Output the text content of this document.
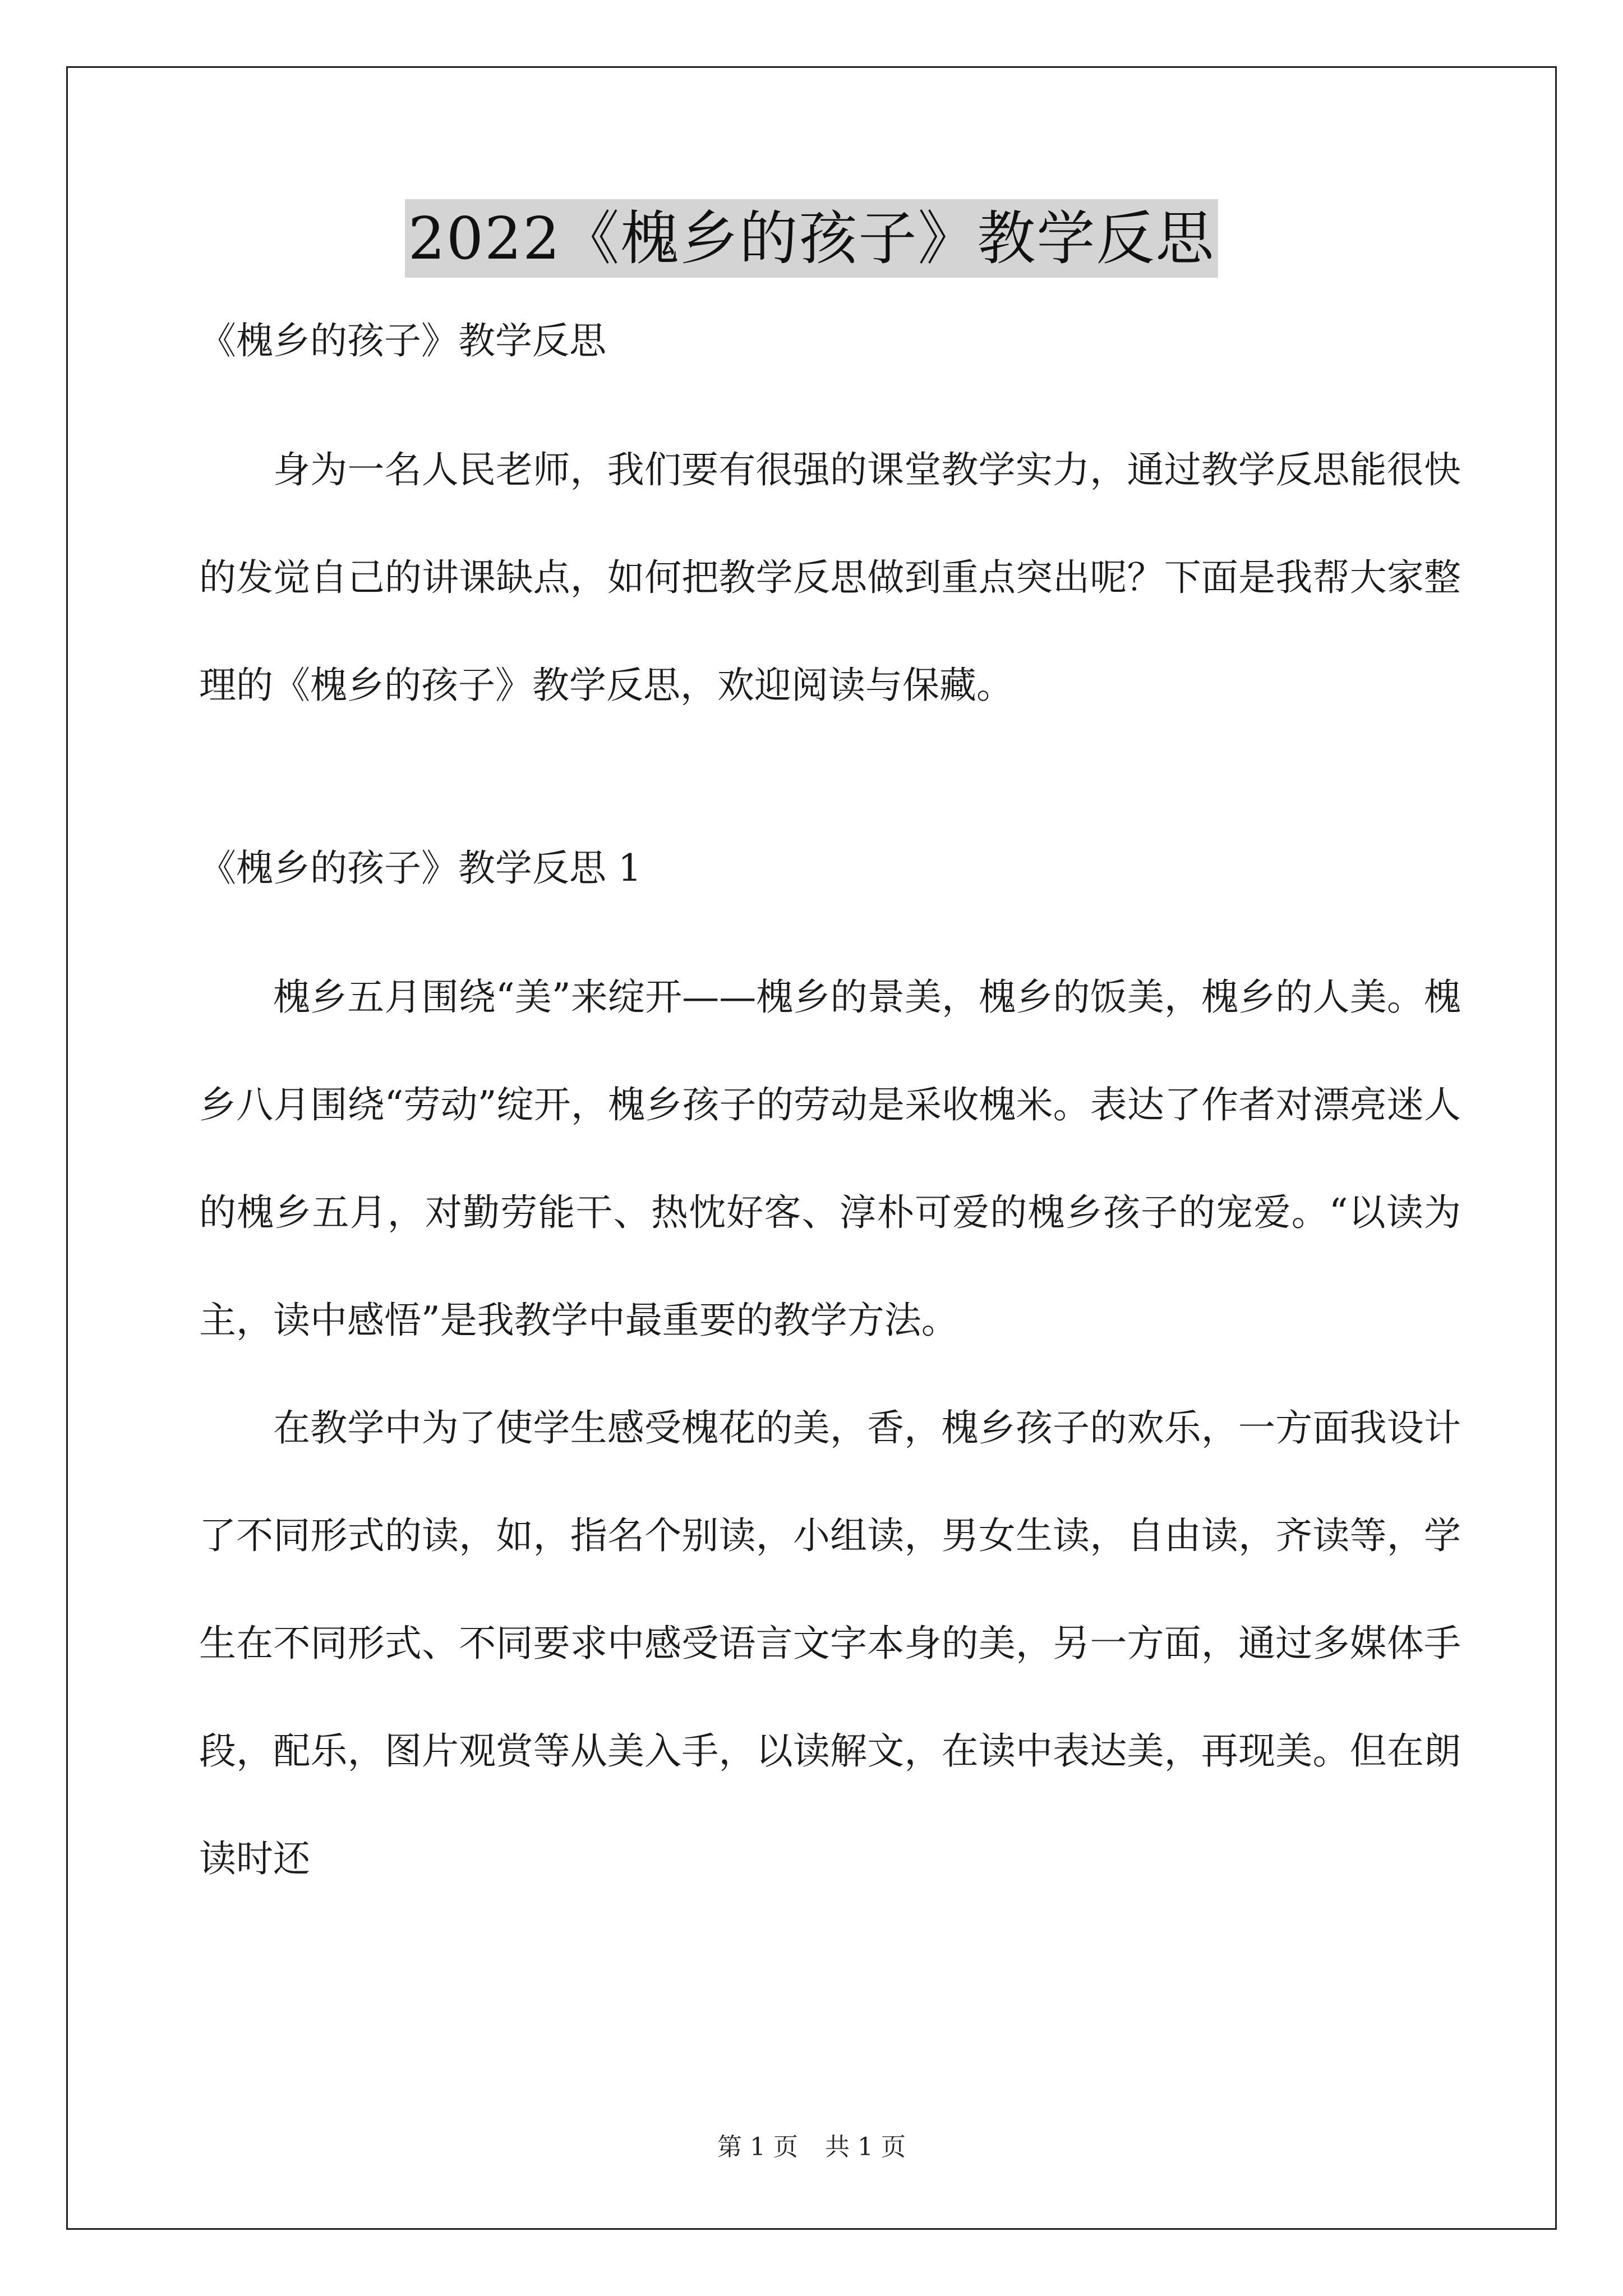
2022《槐乡的孩子》教学反思

《槐乡的孩子》教学反思

身为一名人民老师，我们要有很强的课堂教学实力，通过教学反思能很快的发觉自己的讲课缺点，如何把教学反思做到重点突出呢？下面是我帮大家整理的《槐乡的孩子》教学反思，欢迎阅读与保藏。

《槐乡的孩子》教学反思 1

槐乡五月围绕“美”来绽开——槐乡的景美，槐乡的饭美，槐乡的人美。槐乡八月围绕“劳动”绽开，槐乡孩子的劳动是采收槐米。表达了作者对漂亮迷人的槐乡五月，对勤劳能干、热忱好客、淳朴可爱的槐乡孩子的宠爱。“以读为主，读中感悟”是我教学中最重要的教学方法。

在教学中为了使学生感受槐花的美，香，槐乡孩子的欢乐，一方面我设计了不同形式的读，如，指名个别读，小组读，男女生读，自由读，齐读等，学生在不同形式、不同要求中感受语言文字本身的美，另一方面，通过多媒体手段，配乐，图片观赏等从美入手，以读解文，在读中表达美，再现美。但在朗读时还

第 1 页 共 1 页
